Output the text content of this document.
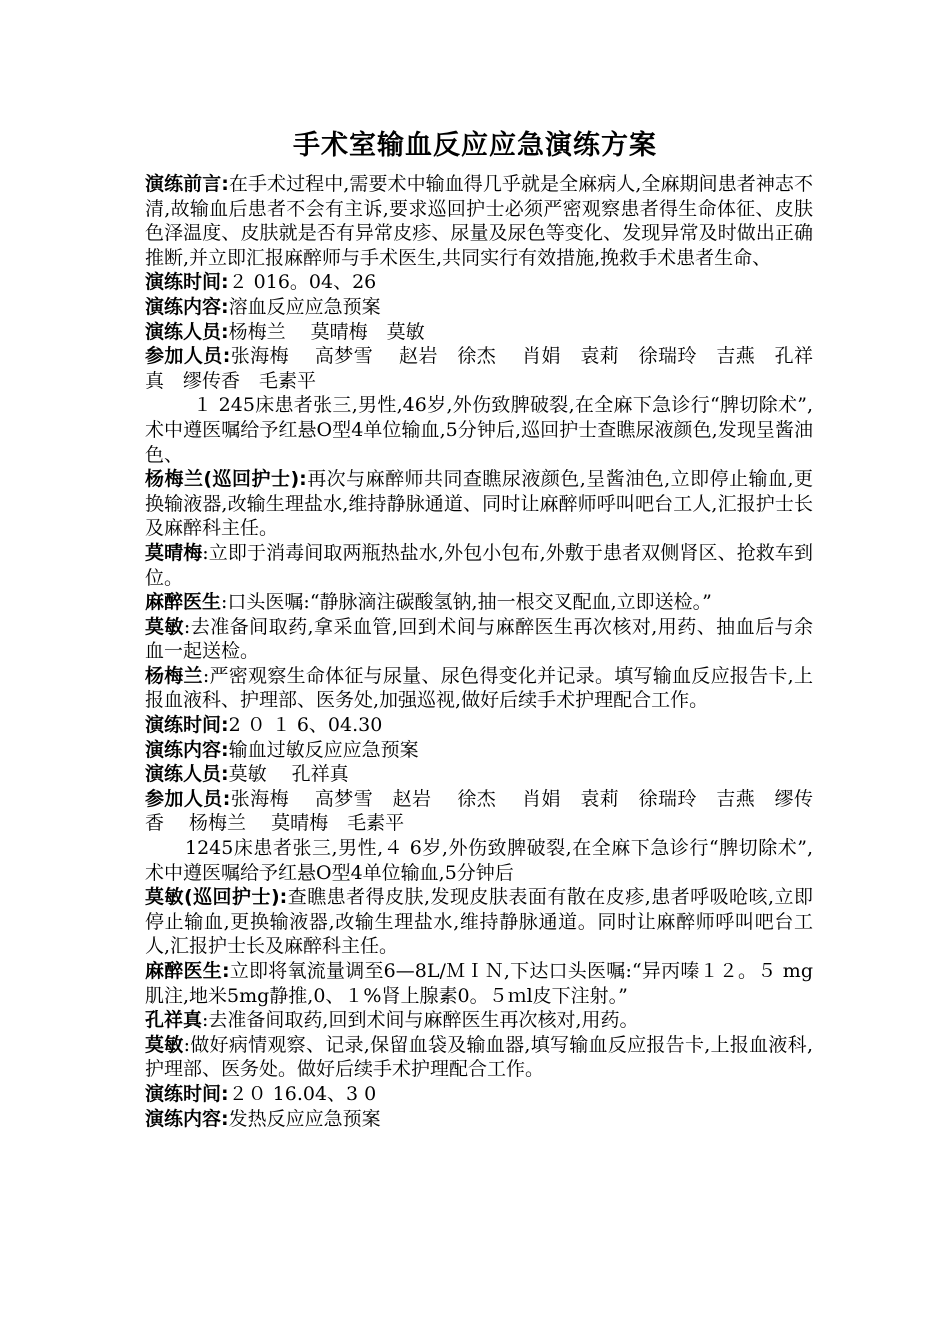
手术室输血反应应急演练方案

演练前言:在手术过程中,需要术中输血得几乎就是全麻病人,全麻期间患者神志不清,故输血后患者不会有主诉,要求巡回护士必须严密观察患者得生命体征、皮肤色泽温度、皮肤就是否有异常皮疹、尿量及尿色等变化、发现异常及时做出正确推断,并立即汇报麻醉师与手术医生,共同实行有效措施,挽救手术患者生命、

演练时间:２ 016。04、26

演练内容:溶血反应应急预案

演练人员:杨梅兰　 莫晴梅　莫敏

参加人员:张海梅　 高梦雪　 赵岩　徐杰　 肖娟　袁莉　徐瑞玲　吉燕　孔祥真　缪传香　毛素平

１ 245床患者张三,男性,46岁,外伤致脾破裂,在全麻下急诊行“脾切除术”,术中遵医嘱给予红悬O型4单位输血,5分钟后,巡回护士查瞧尿液颜色,发现呈酱油色、

杨梅兰(巡回护士):再次与麻醉师共同查瞧尿液颜色,呈酱油色,立即停止输血,更换输液器,改输生理盐水,维持静脉通道、同时让麻醉师呼叫吧台工人,汇报护士长及麻醉科主任。

莫晴梅:立即于消毒间取两瓶热盐水,外包小包布,外敷于患者双侧肾区、抢救车到位。

麻醉医生:口头医嘱:“静脉滴注碳酸氢钠,抽一根交叉配血,立即送检。”

莫敏:去准备间取药,拿采血管,回到术间与麻醉医生再次核对,用药、抽血后与余血一起送检。

杨梅兰:严密观察生命体征与尿量、尿色得变化并记录。填写输血反应报告卡,上报血液科、护理部、医务处,加强巡视,做好后续手术护理配合工作。

演练时间:2 ０ １ 6、04.30

演练内容:输血过敏反应应急预案

演练人员:莫敏　 孔祥真

参加人员:张海梅　 高梦雪　赵岩　 徐杰　 肖娟　袁莉　徐瑞玲　吉燕　缪传香　 杨梅兰　 莫晴梅　毛素平

1245床患者张三,男性,４ 6岁,外伤致脾破裂,在全麻下急诊行“脾切除术”,术中遵医嘱给予红悬O型4单位输血,5分钟后

莫敏(巡回护士):查瞧患者得皮肤,发现皮肤表面有散在皮疹,患者呼吸呛咳,立即停止输血,更换输液器,改输生理盐水,维持静脉通道。同时让麻醉师呼叫吧台工人,汇报护士长及麻醉科主任。

麻醉医生:立即将氧流量调至6—8L/ＭＩＮ,下达口头医嘱:“异丙嗪１２。５ mg肌注,地米5mg静推,0、１%肾上腺素0。５ｍl皮下注射。”

孔祥真:去准备间取药,回到术间与麻醉医生再次核对,用药。

莫敏:做好病情观察、记录,保留血袋及输血器,填写输血反应报告卡,上报血液科,护理部、医务处。做好后续手术护理配合工作。

演练时间:２０ 16.04、3 0

演练内容:发热反应应急预案
